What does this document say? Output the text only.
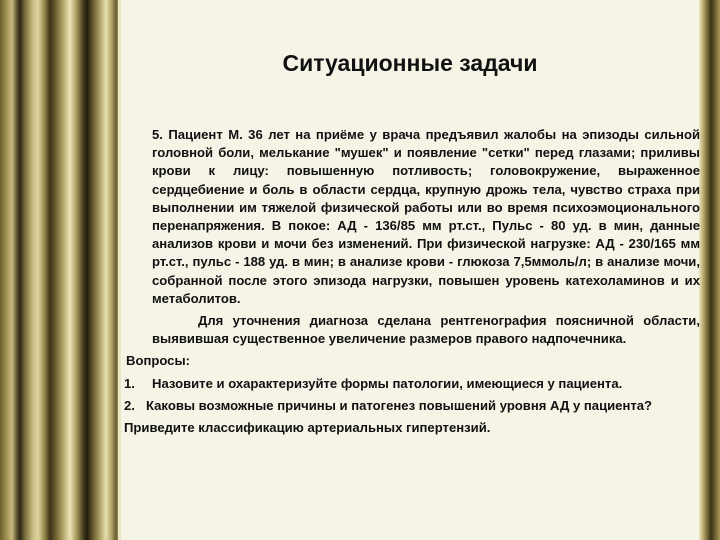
Ситуационные задачи

5. Пациент М. 36 лет на приёме у врача предъявил жалобы на эпизоды сильной головной боли, мелькание "мушек" и появление "сетки" перед глазами; приливы крови к лицу: повышенную потливость; головокружение, выраженное сердцебиение и боль в области сердца, крупную дрожь тела, чувство страха при выполнении им тяжелой физической работы или во время психоэмоционального перенапряжения. В покое: АД - 136/85 мм рт.ст., Пульс - 80 уд. в мин, данные анализов крови и мочи без изменений. При физической нагрузке: АД - 230/165 мм рт.ст., пульс - 188 уд. в мин; в анализе крови - глюкоза 7,5ммоль/л; в анализе мочи, собранной после этого эпизода нагрузки, повышен уровень катехоламинов и их метаболитов.

Для уточнения диагноза сделана рентгенография поясничной области, выявившая существенное увеличение размеров правого надпочечника.

Вопросы:
1.	Назовите и охарактеризуйте формы патологии, имеющиеся у пациента.
2. Каковы возможные причины и патогенез повышений уровня АД у пациента?
Приведите классификацию артериальных гипертензий.
